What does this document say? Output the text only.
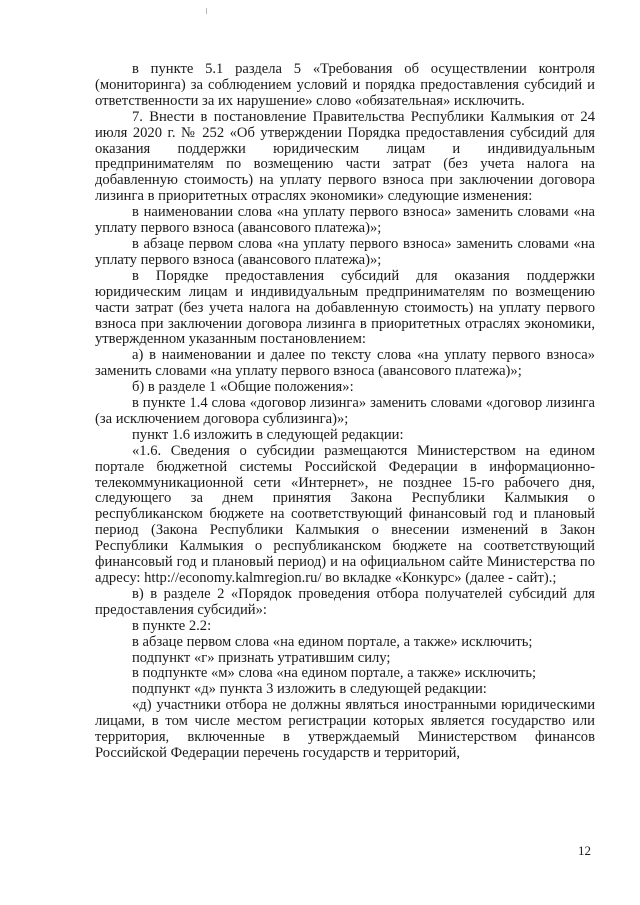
в пункте 5.1 раздела 5 «Требования об осуществлении контроля (мониторинга) за соблюдением условий и порядка предоставления субсидий и ответственности за их нарушение» слово «обязательная» исключить.

7. Внести в постановление Правительства Республики Калмыкия от 24 июля 2020 г. № 252 «Об утверждении Порядка предоставления субсидий для оказания поддержки юридическим лицам и индивидуальным предпринимателям по возмещению части затрат (без учета налога на добавленную стоимость) на уплату первого взноса при заключении договора лизинга в приоритетных отраслях экономики» следующие изменения:

в наименовании слова «на уплату первого взноса» заменить словами «на уплату первого взноса (авансового платежа)»;

в абзаце первом слова «на уплату первого взноса» заменить словами «на уплату первого взноса (авансового платежа)»;

в Порядке предоставления субсидий для оказания поддержки юридическим лицам и индивидуальным предпринимателям по возмещению части затрат (без учета налога на добавленную стоимость) на уплату первого взноса при заключении договора лизинга в приоритетных отраслях экономики, утвержденном указанным постановлением:

а) в наименовании и далее по тексту слова «на уплату первого взноса» заменить словами «на уплату первого взноса (авансового платежа)»;

б) в разделе 1 «Общие положения»:

в пункте 1.4 слова «договор лизинга» заменить словами «договор лизинга (за исключением договора сублизинга)»;

пункт 1.6 изложить в следующей редакции:

«1.6. Сведения о субсидии размещаются Министерством на едином портале бюджетной системы Российской Федерации в информационно-телекоммуникационной сети «Интернет», не позднее 15-го рабочего дня, следующего за днем принятия Закона Республики Калмыкия о республиканском бюджете на соответствующий финансовый год и плановый период (Закона Республики Калмыкия о внесении изменений в Закон Республики Калмыкия о республиканском бюджете на соответствующий финансовый год и плановый период) и на официальном сайте Министерства по адресу: http://economy.kalmregion.ru/ во вкладке «Конкурс» (далее - сайт).;

в) в разделе 2 «Порядок проведения отбора получателей субсидий для предоставления субсидий»:

в пункте 2.2:

в абзаце первом слова «на едином портале, а также» исключить;

подпункт «г» признать утратившим силу;

в подпункте «м» слова «на едином портале, а также» исключить;

подпункт «д» пункта 3 изложить в следующей редакции:

«д) участники отбора не должны являться иностранными юридическими лицами, в том числе местом регистрации которых является государство или территория, включенные в утверждаемый Министерством финансов Российской Федерации перечень государств и территорий,

12
